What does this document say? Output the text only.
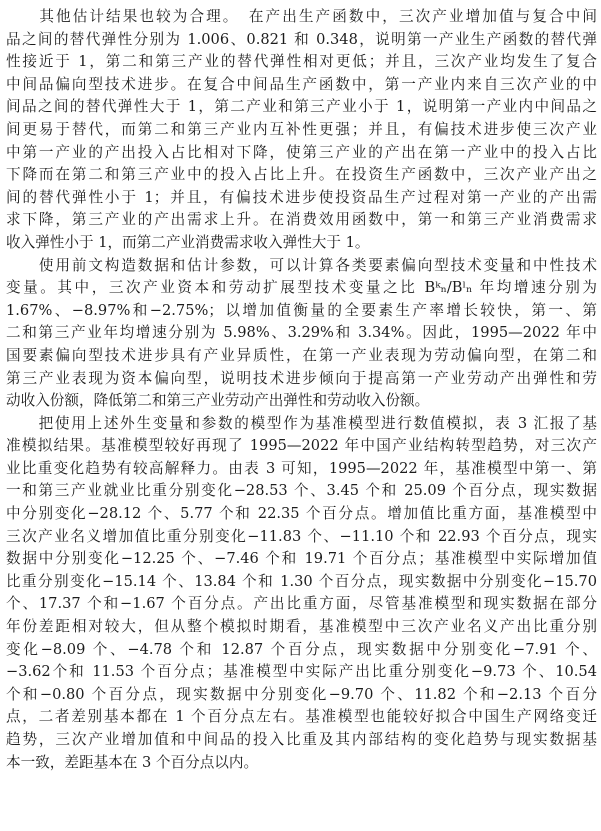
　　其他估计结果也较为合理。　在产出生产函数中，三次产业增加值与复合中间
品之间的替代弹性分别为 1.006、0.821 和 0.348，说明第一产业生产函数的替代弹
性接近于 1，第二和第三产业的替代弹性相对更低；并且，三次产业均发生了复合
中间品偏向型技术进步。在复合中间品生产函数中，第一产业内来自三次产业的中
间品之间的替代弹性大于 1，第二产业和第三产业小于 1，说明第一产业内中间品之
间更易于替代，而第二和第三产业内互补性更强；并且，有偏技术进步使三次产业
中第一产业的产出投入占比相对下降，使第三产业的产出在第一产业中的投入占比
下降而在第二和第三产业中的投入占比上升。在投资生产函数中，三次产业产出之
间的替代弹性小于 1；并且，有偏技术进步使投资品生产过程对第一产业的产出需
求下降，第三产业的产出需求上升。在消费效用函数中，第一和第三产业消费需求
收入弹性小于 1，而第二产业消费需求收入弹性大于 1。
　　使用前文构造数据和估计参数，可以计算各类要素偏向型技术变量和中性技术
变量。其中，三次产业资本和劳动扩展型技术变量之比 Bᵏₙ/Bˡₙ 年均增速分别为
1.67%、−8.97%和−2.75%；以增加值衡量的全要素生产率增长较快，第一、第
二和第三产业年均增速分别为 5.98%、3.29%和 3.34%。因此，1995—2022 年中
国要素偏向型技术进步具有产业异质性，在第一产业表现为劳动偏向型，在第二和
第三产业表现为资本偏向型，说明技术进步倾向于提高第一产业劳动产出弹性和劳
动收入份额，降低第二和第三产业劳动产出弹性和劳动收入份额。
　　把使用上述外生变量和参数的模型作为基准模型进行数值模拟，表 3 汇报了基
准模拟结果。基准模型较好再现了 1995—2022 年中国产业结构转型趋势，对三次产
业比重变化趋势有较高解释力。由表 3 可知，1995—2022 年，基准模型中第一、第
一和第三产业就业比重分别变化−28.53 个、3.45 个和 25.09 个百分点，现实数据
中分别变化−28.12 个、5.77 个和 22.35 个百分点。增加值比重方面，基准模型中
三次产业名义增加值比重分别变化−11.83 个、−11.10 个和 22.93 个百分点，现实
数据中分别变化−12.25 个、−7.46 个和 19.71 个百分点；基准模型中实际增加值
比重分别变化−15.14 个、13.84 个和 1.30 个百分点，现实数据中分别变化−15.70
个、17.37 个和−1.67 个百分点。产出比重方面，尽管基准模型和现实数据在部分
年份差距相对较大，但从整个模拟时期看，基准模型中三次产业名义产出比重分别
变化−8.09 个、−4.78 个和 12.87 个百分点，现实数据中分别变化−7.91 个、
−3.62个和 11.53 个百分点；基准模型中实际产出比重分别变化−9.73 个、10.54
个和−0.80 个百分点，现实数据中分别变化−9.70 个、11.82 个和−2.13 个百分
点，二者差别基本都在 1 个百分点左右。基准模型也能较好拟合中国生产网络变迁
趋势，三次产业增加值和中间品的投入比重及其内部结构的变化趋势与现实数据基
本一致，差距基本在 3 个百分点以内。
